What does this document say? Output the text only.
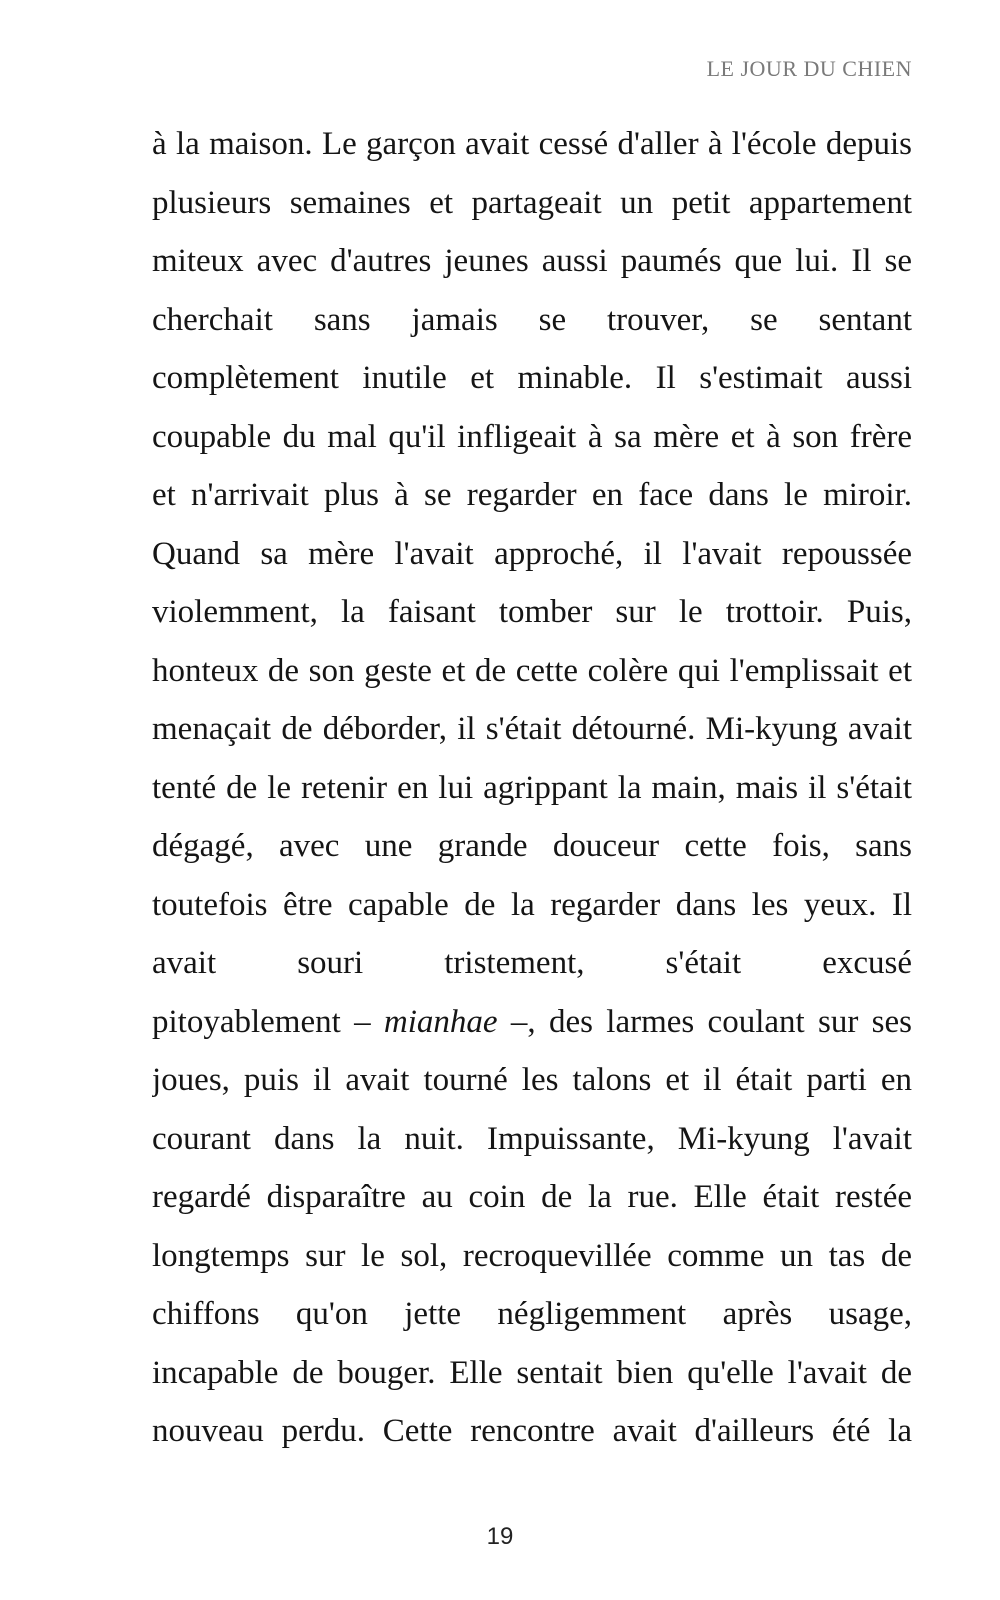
LE JOUR DU CHIEN
à la maison. Le garçon avait cessé d'aller à l'école depuis
plusieurs semaines et partageait un petit appartement
miteux avec d'autres jeunes aussi paumés que lui. Il se
cherchait sans jamais se trouver, se sentant
complètement inutile et minable. Il s'estimait aussi
coupable du mal qu'il infligeait à sa mère et à son frère
et n'arrivait plus à se regarder en face dans le miroir.
Quand sa mère l'avait approché, il l'avait repoussée
violemment, la faisant tomber sur le trottoir. Puis,
honteux de son geste et de cette colère qui l'emplissait et
menaçait de déborder, il s'était détourné. Mi-kyung avait
tenté de le retenir en lui agrippant la main, mais il s'était
dégagé, avec une grande douceur cette fois, sans
toutefois être capable de la regarder dans les yeux. Il
avait souri tristement, s'était excusé
pitoyablement – mianhae –, des larmes coulant sur ses
joues, puis il avait tourné les talons et il était parti en
courant dans la nuit. Impuissante, Mi-kyung l'avait
regardé disparaître au coin de la rue. Elle était restée
longtemps sur le sol, recroquevillée comme un tas de
chiffons qu'on jette négligemment après usage,
incapable de bouger. Elle sentait bien qu'elle l'avait de
nouveau perdu. Cette rencontre avait d'ailleurs été la
19
